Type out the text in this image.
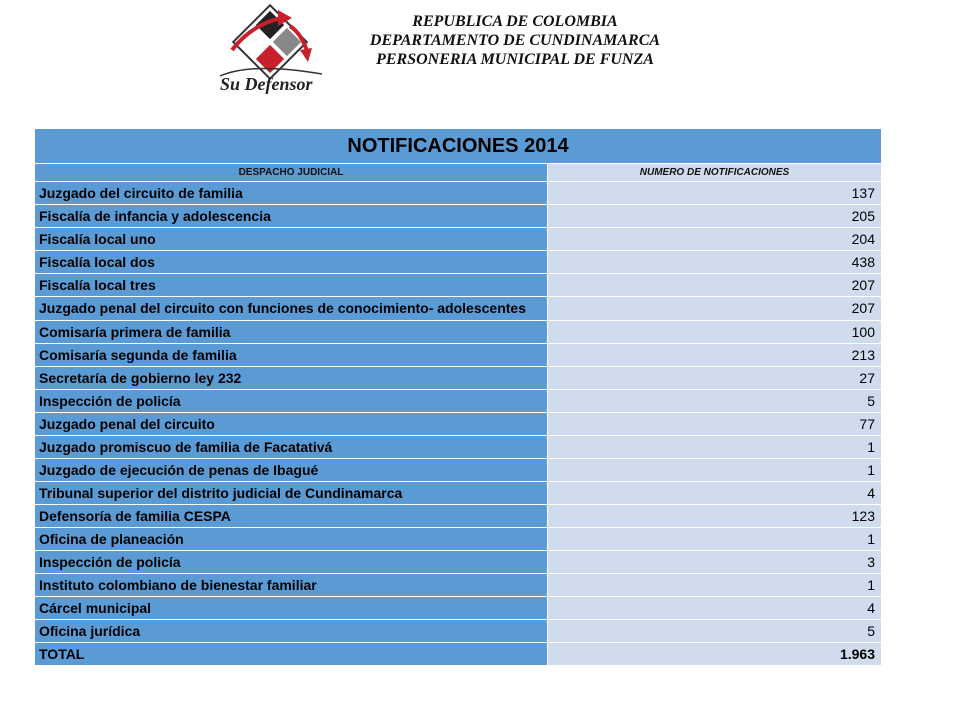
Su Defensor
REPUBLICA DE COLOMBIA
DEPARTAMENTO DE CUNDINAMARCA
PERSONERIA MUNICIPAL DE FUNZA
NOTIFICACIONES 2014
DESPACHO JUDICIAL	NUMERO DE NOTIFICACIONES
Juzgado del circuito de familia	137
Fiscalía de infancia y adolescencia	205
Fiscalía local uno	204
Fiscalía local dos	438
Fiscalía local tres	207
Juzgado penal del circuito con funciones de conocimiento- adolescentes	207
Comisaría primera de familia	100
Comisaría segunda de familia	213
Secretaría de gobierno ley 232	27
Inspección de policía	5
Juzgado penal del circuito	77
Juzgado promiscuo de familia de Facatativá	1
Juzgado de ejecución de penas de Ibagué	1
Tribunal superior del distrito judicial de Cundinamarca	4
Defensoría de familia CESPA	123
Oficina de planeación	1
Inspección de policía	3
Instituto colombiano de bienestar familiar	1
Cárcel municipal	4
Oficina jurídica	5
TOTAL	1.963
